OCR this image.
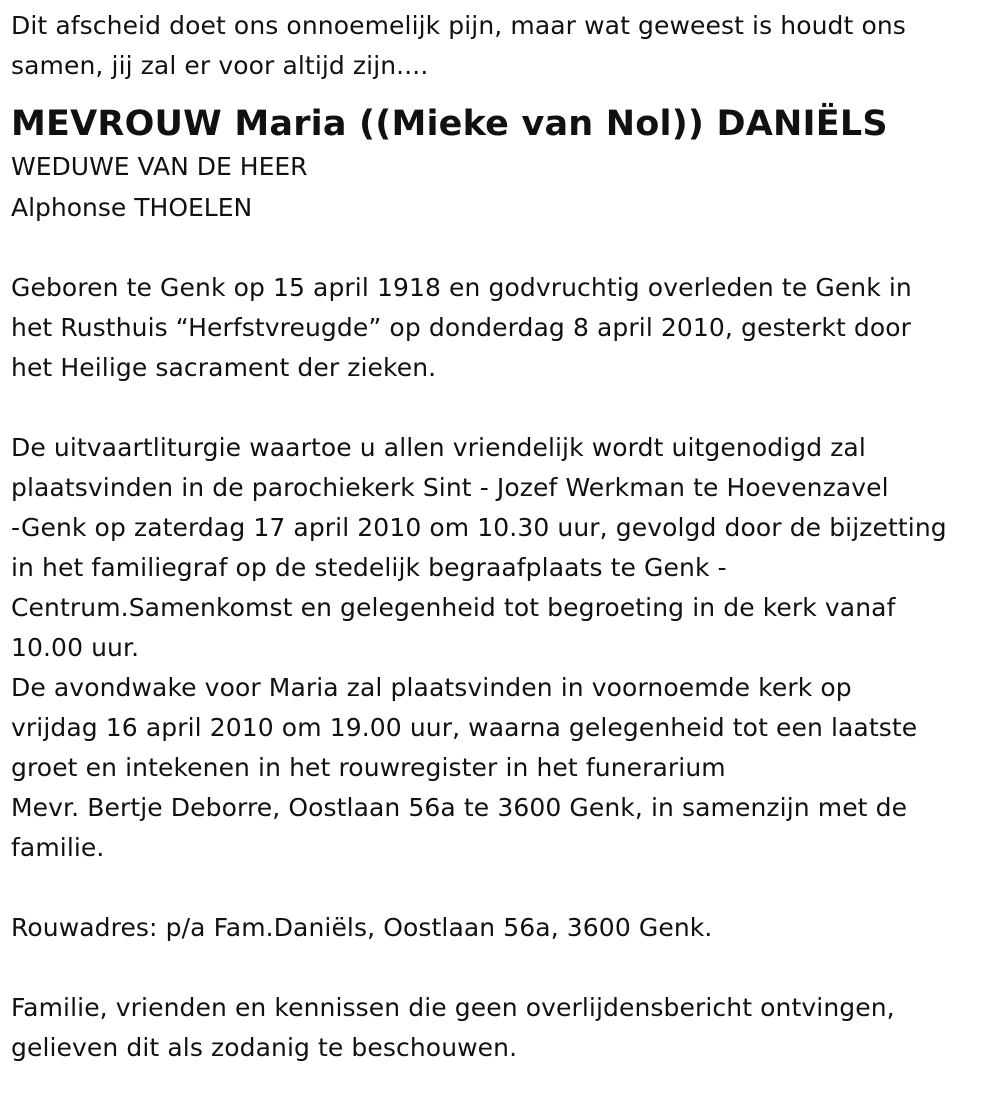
Dit afscheid doet ons onnoemelijk pijn, maar wat geweest is houdt ons
samen, jij zal er voor altijd zijn....
MEVROUW Maria ((Mieke van Nol)) DANIËLS
WEDUWE VAN DE HEER
Alphonse THOELEN
Geboren te Genk op 15 april 1918 en godvruchtig overleden te Genk in
het Rusthuis “Herfstvreugde” op donderdag 8 april 2010, gesterkt door
het Heilige sacrament der zieken.
De uitvaartliturgie waartoe u allen vriendelijk wordt uitgenodigd zal
plaatsvinden in de parochiekerk Sint - Jozef Werkman te Hoevenzavel
-Genk op zaterdag 17 april 2010 om 10.30 uur, gevolgd door de bijzetting
in het familiegraf op de stedelijk begraafplaats te Genk -
Centrum.Samenkomst en gelegenheid tot begroeting in de kerk vanaf
10.00 uur.
De avondwake voor Maria zal plaatsvinden in voornoemde kerk op
vrijdag 16 april 2010 om 19.00 uur, waarna gelegenheid tot een laatste
groet en intekenen in het rouwregister in het funerarium
Mevr. Bertje Deborre, Oostlaan 56a te 3600 Genk, in samenzijn met de
familie.
Rouwadres: p/a Fam.Daniëls, Oostlaan 56a, 3600 Genk.
Familie, vrienden en kennissen die geen overlijdensbericht ontvingen,
gelieven dit als zodanig te beschouwen.
